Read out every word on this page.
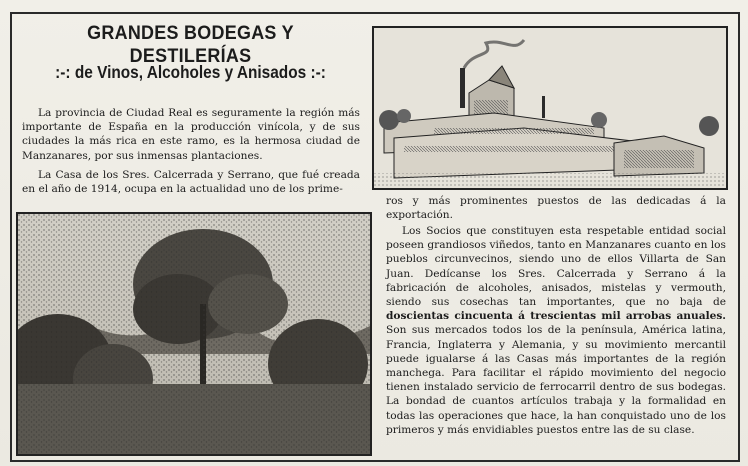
GRANDES BODEGAS Y DESTILERÍAS
:-: de Vinos, Alcoholes y Anisados :-:

La provincia de Ciudad Real es seguramente la región más importante de España en la producción vinícola, y de sus ciudades la más rica en este ramo, es la hermosa ciudad de Manzanares, por sus inmensas plantaciones.

La Casa de los Sres. Calcerrada y Serrano, que fué creada en el año de 1914, ocupa en la actualidad uno de los prime-

ros y más prominentes puestos de las dedicadas á la exportación.

Los Socios que constituyen esta respetable entidad social poseen grandiosos viñedos, tanto en Manzanares cuanto en los pueblos circunvecinos, siendo uno de ellos Villarta de San Juan. Dedícanse los Sres. Calcerrada y Serrano á la fabricación de alcoholes, anisados, mistelas y vermouth, siendo sus cosechas tan importantes, que no baja de doscientas cincuenta á trescientas mil arrobas anuales. Son sus mercados todos los de la península, América latina, Francia, Inglaterra y Alemania, y su movimiento mercantil puede igualarse á las Casas más importantes de la región manchega. Para facilitar el rápido movimiento del negocio tienen instalado servicio de ferrocarril dentro de sus bodegas. La bondad de cuantos artículos trabaja y la formalidad en todas las operaciones que hace, la han conquistado uno de los primeros y más envidiables puestos entre las de su clase.
